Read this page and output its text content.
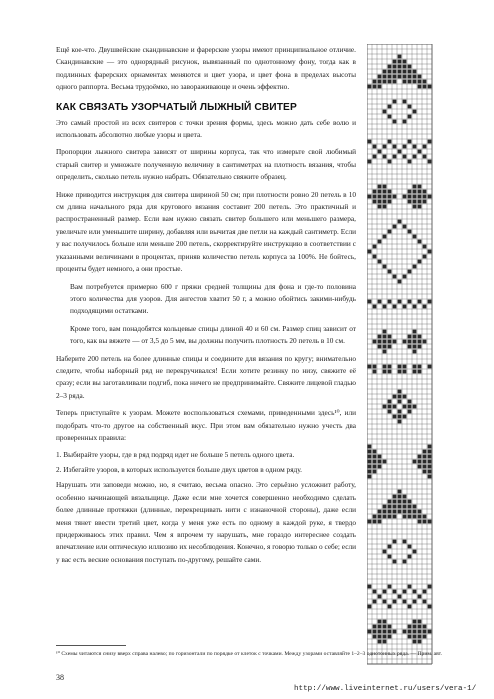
Ещё кое-что. Двушвейские скандинавские и фарерские узоры имеют принципиальное отличие. Скандинавские — это однорядный рисунок, вывязанный по однотонному фону, тогда как в подлинных фарерских орнаментах меняются и цвет узора, и цвет фона в пределах высоты одного раппорта. Весьма трудоёмко, но завораживающе и очень эффектно.

КАК СВЯЗАТЬ УЗОРЧАТЫЙ ЛЫЖНЫЙ СВИТЕР

Это самый простой из всех свитеров с точки зрения формы, здесь можно дать себе волю и использовать абсолютно любые узоры и цвета.

Пропорции лыжного свитера зависят от ширины корпуса, так что измерьте свой любимый старый свитер и умножьте полученную величину в сантиметрах на плотность вязания, чтобы определить, сколько петель нужно набрать. Обязательно свяжите образец.

Ниже приводится инструкция для свитера шириной 50 см; при плотности ровно 20 петель в 10 см длина начального ряда для кругового вязания составит 200 петель. Это практичный и распространенный размер. Если вам нужно связать свитер большего или меньшего размера, увеличьте или уменьшите ширину, добавляя или вычитая две петли на каждый сантиметр. Если у вас получилось больше или меньше 200 петель, скорректируйте инструкцию в соответствии с указанными величинами в процентах, приняв количество петель корпуса за 100%. Не бойтесь, проценты будет немного, а они простые.

Вам потребуется примерно 600 г пряжи средней толщины для фона и где-то половина этого количества для узоров. Для ангестов хватит 50 г, а можно обойтись закими-нибудь подходящими остатками.

Кроме того, вам понадобятся кольцевые спицы длиной 40 и 60 см. Размер спиц зависит от того, как вы вяжете — от 3,5 до 5 мм, вы должны получить плотность 20 петель в 10 см.

Наберите 200 петель на более длинные спицы и соедините для вязания по кругу; внимательно следите, чтобы наборный ряд не перекручивался! Если хотите резинку по низу, свяжите её сразу; если вы заготавливали подгиб, пока ничего не предпринимайте. Свяжите лицевой гладью 2–3 ряда.

Теперь приступайте к узорам. Можете воспользоваться схемами, приведенными здесь¹⁰, или подобрать что-то другое на собственный вкус. При этом вам обязательно нужно учесть два проверенных правила:

1. Выбирайте узоры, где в ряд подряд идет не больше 5 петель одного цвета.
2. Избегайте узоров, в которых используется больше двух цветов в одном ряду.

Нарушать эти заповеди можно, но, я считаю, весьма опасно. Это серьёзно усложнит работу, особенно начинающей вязальщице. Даже если мне хочется совершенно необходимо сделать более длинные протяжки (длинные, перекрещивать нити с изнаночной стороны), даже если меня тянет ввести третий цвет, когда у меня уже есть по одному в каждой руке, я твердо придерживаюсь этих правил. Чем я впрочем ту нарушать, мне гораздо интереснее создать впечатление или оптическую иллюзию их несоблюдения. Конечно, я говорю только о себе; если у вас есть веские основания поступать по-другому, решайте сами.

¹⁰ Схемы читаются снизу вверх справа налево; по горизонтали по порядке от клеток с точками. Между узорами оставляйте 1–2–3 однотонных ряда. — Прим. авт.
38
http://www.liveinternet.ru/users/vera-1/
